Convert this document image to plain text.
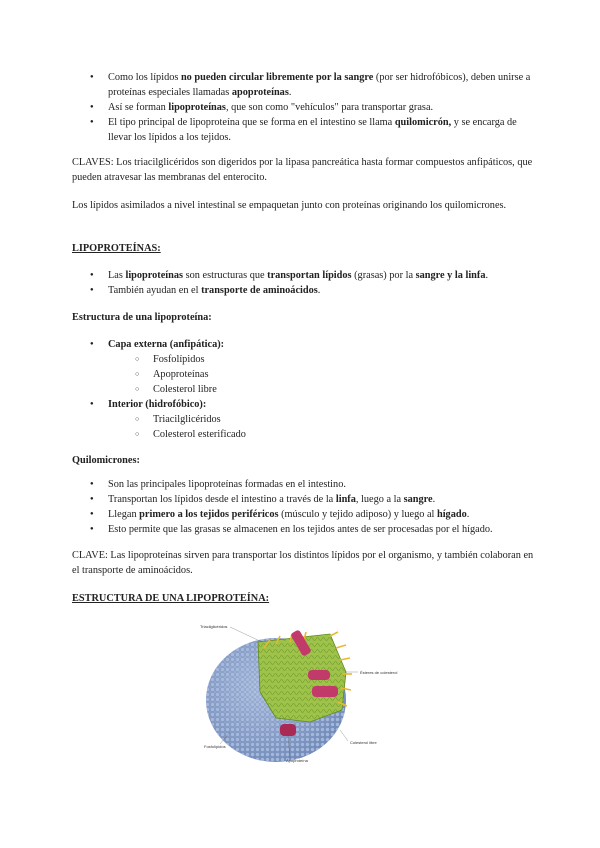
● Como los lípidos no pueden circular libremente por la sangre (por ser hidrofóbicos), deben unirse a proteínas especiales llamadas apoproteínas.
● Así se forman lipoproteínas, que son como "vehículos" para transportar grasa.
● El tipo principal de lipoproteína que se forma en el intestino se llama quilomicrón, y se encarga de llevar los lípidos a los tejidos.
CLAVES: Los triacilglicéridos son digeridos por la lipasa pancreática hasta formar compuestos anfipáticos, que pueden atravesar las membranas del enterocito.
Los lípidos asimilados a nivel intestinal se empaquetan junto con proteínas originando los quilomicrones.
LIPOPROTEÍNAS:
● Las lipoproteínas son estructuras que transportan lípidos (grasas) por la sangre y la linfa.
● También ayudan en el transporte de aminoácidos.
Estructura de una lipoproteína:
● Capa externa (anfipática):
○ Fosfolípidos
○ Apoproteínas
○ Colesterol libre
● Interior (hidrofóbico):
○ Triacilglicéridos
○ Colesterol esterificado
Quilomicrones:
● Son las principales lipoproteínas formadas en el intestino.
● Transportan los lípidos desde el intestino a través de la linfa, luego a la sangre.
● Llegan primero a los tejidos periféricos (músculo y tejido adiposo) y luego al hígado.
● Esto permite que las grasas se almacenen en los tejidos antes de ser procesadas por el hígado.
CLAVE: Las lipoproteínas sirven para transportar los distintos lípidos por el organismo, y también colaboran en el transporte de aminoácidos.
ESTRUCTURA DE UNA LIPOPROTEÍNA:
Triacilglicéridos
Ésteres de colesterol
Fosfolípidos
Apoproteína
Colesterol libre
